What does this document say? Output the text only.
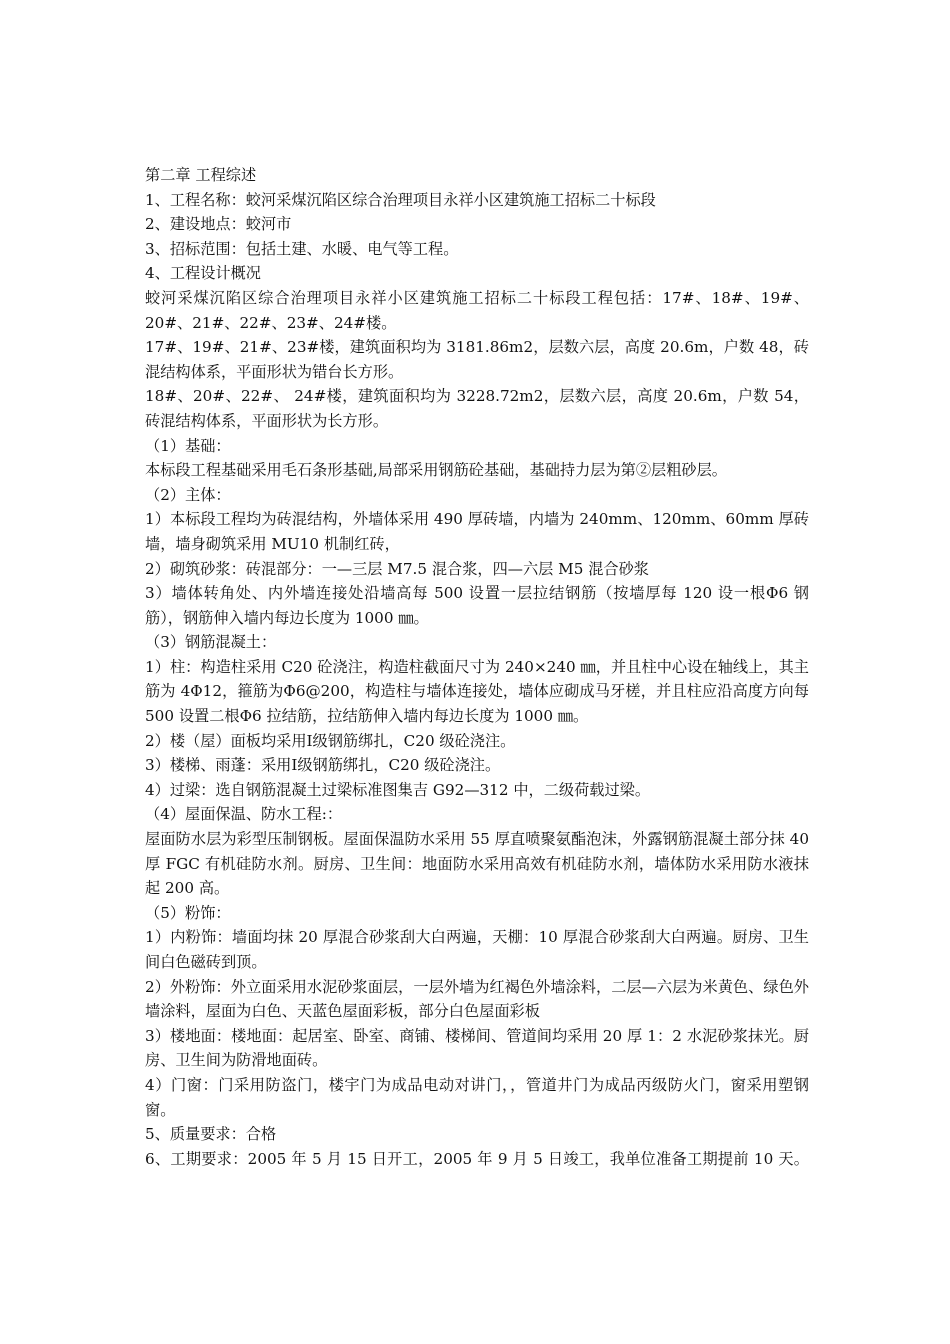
第二章 工程综述

1、工程名称：蛟河采煤沉陷区综合治理项目永祥小区建筑施工招标二十标段

2、建设地点：蛟河市

3、招标范围：包括土建、水暖、电气等工程。

4、工程设计概况

蛟河采煤沉陷区综合治理项目永祥小区建筑施工招标二十标段工程包括：17#、18#、19#、20#、21#、22#、23#、24#楼。

17#、19#、21#、23#楼，建筑面积均为 3181.86m2，层数六层，高度 20.6m，户数 48，砖混结构体系，平面形状为错台长方形。

18#、20#、22#、 24#楼，建筑面积均为 3228.72m2，层数六层，高度 20.6m，户数 54，砖混结构体系，平面形状为长方形。

（1）基础：

本标段工程基础采用毛石条形基础,局部采用钢筋砼基础，基础持力层为第②层粗砂层。

（2）主体：

1）本标段工程均为砖混结构，外墙体采用 490 厚砖墙，内墙为 240mm、120mm、60mm 厚砖墙，墙身砌筑采用 MU10 机制红砖，

2）砌筑砂浆：砖混部分：一—三层 M7.5 混合浆，四—六层 M5 混合砂浆

3）墙体转角处、内外墙连接处沿墙高每 500 设置一层拉结钢筋（按墙厚每 120 设一根Φ6 钢筋），钢筋伸入墙内每边长度为 1000 ㎜。

（3）钢筋混凝土：

1）柱：构造柱采用 C20 砼浇注，构造柱截面尺寸为 240×240 ㎜，并且柱中心设在轴线上，其主筋为 4Φ12，箍筋为Φ6@200，构造柱与墙体连接处，墙体应砌成马牙槎，并且柱应沿高度方向每 500 设置二根Φ6 拉结筋，拉结筋伸入墙内每边长度为 1000 ㎜。

2）楼（屋）面板均采用Ⅰ级钢筋绑扎，C20 级砼浇注。

3）楼梯、雨蓬：采用Ⅰ级钢筋绑扎，C20 级砼浇注。

4）过梁：选自钢筋混凝土过梁标准图集吉 G92—312 中，二级荷载过梁。

（4）屋面保温、防水工程:：

屋面防水层为彩型压制钢板。屋面保温防水采用 55 厚直喷聚氨酯泡沫，外露钢筋混凝土部分抹 40 厚 FGC 有机硅防水剂。厨房、卫生间：地面防水采用高效有机硅防水剂，墙体防水采用防水液抹起 200 高。

（5）粉饰：

1）内粉饰：墙面均抹 20 厚混合砂浆刮大白两遍，天棚：10 厚混合砂浆刮大白两遍。厨房、卫生间白色磁砖到顶。

2）外粉饰：外立面采用水泥砂浆面层，一层外墙为红褐色外墙涂料，二层—六层为米黄色、绿色外墙涂料，屋面为白色、天蓝色屋面彩板，部分白色屋面彩板

3）楼地面：楼地面：起居室、卧室、商铺、楼梯间、管道间均采用 20 厚 1：2 水泥砂浆抹光。厨房、卫生间为防滑地面砖。

4）门窗：门采用防盗门，楼宇门为成品电动对讲门，，管道井门为成品丙级防火门，窗采用塑钢窗。

5、质量要求：合格

6、工期要求：2005 年 5 月 15 日开工，2005 年 9 月 5 日竣工，我单位准备工期提前 10 天。
